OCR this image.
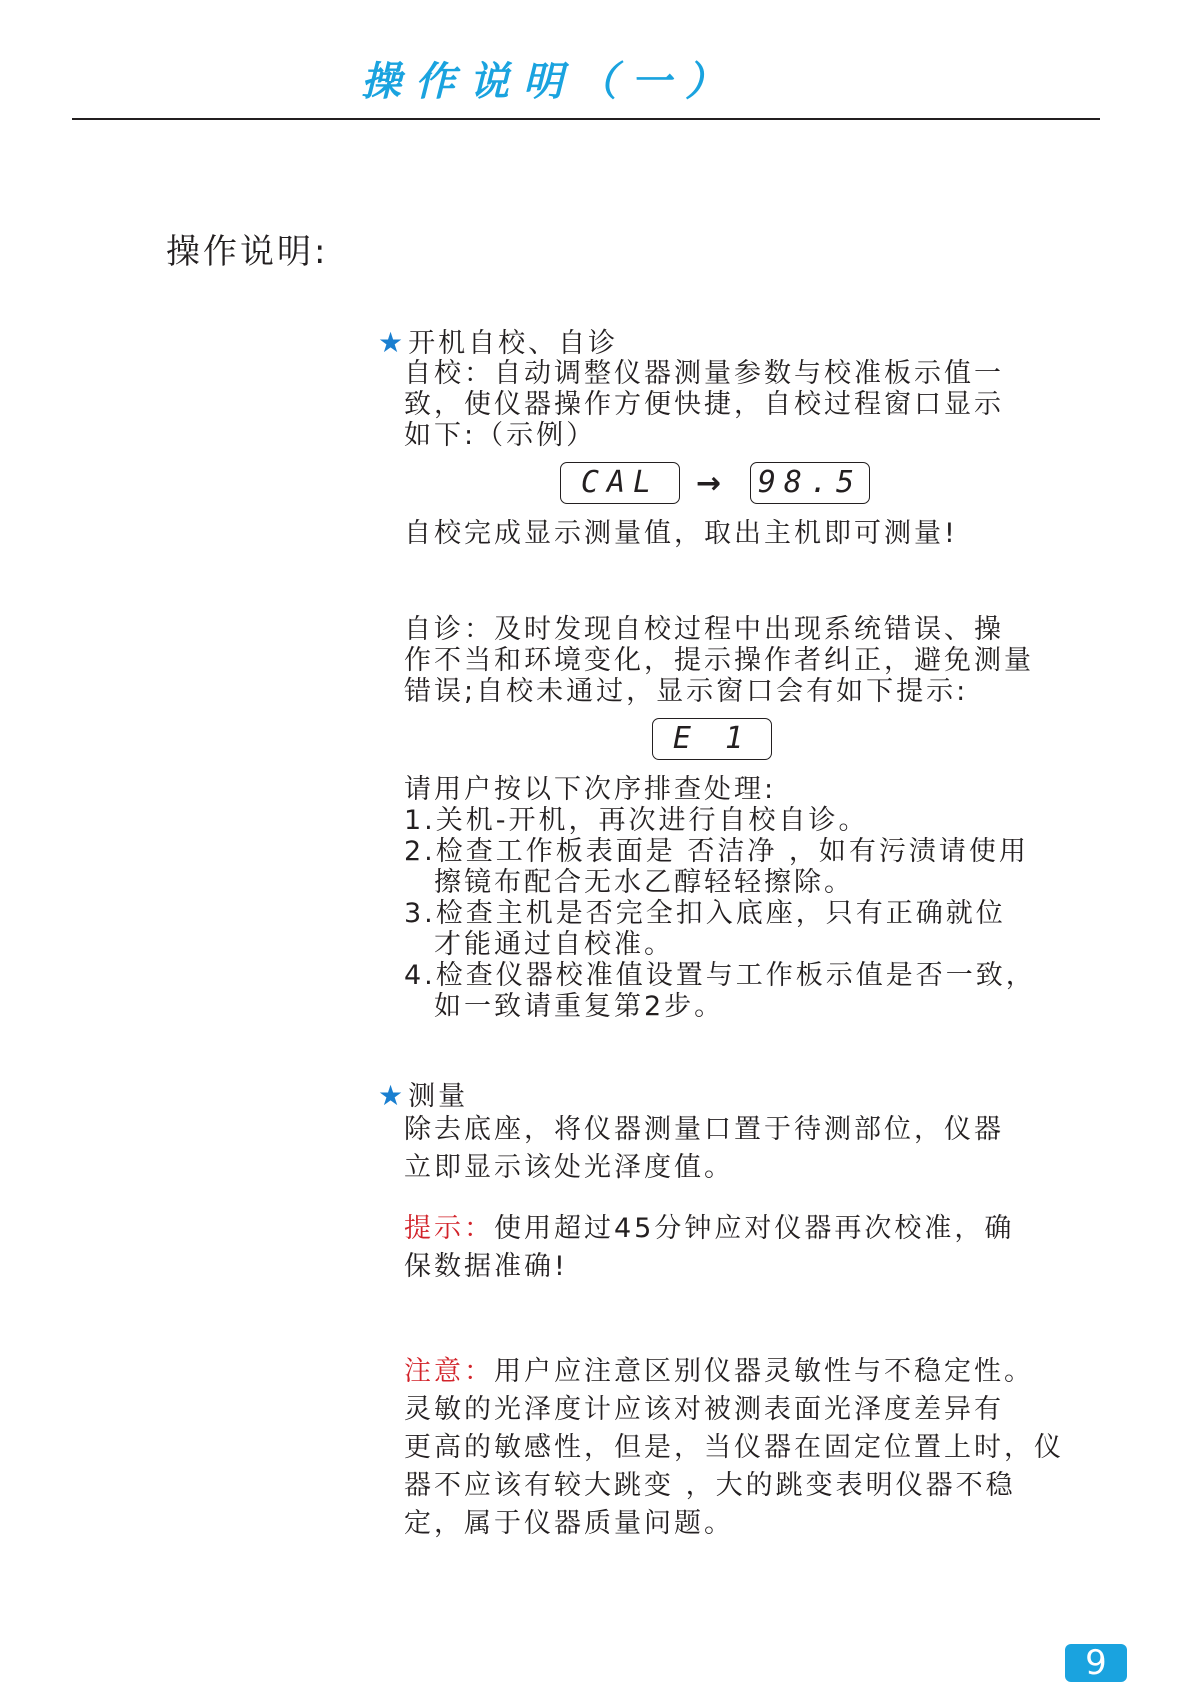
操作说明（一）
操作说明:
★开机自校、自诊
自校：自动调整仪器测量参数与校准板示值一
致，使仪器操作方便快捷，自校过程窗口显示
如下:（示例）
CAL	→ 98.5
自校完成显示测量值，取出主机即可测量!
自诊：及时发现自校过程中出现系统错误、操
作不当和环境变化，提示操作者纠正，避免测量
错误;自校未通过，显示窗口会有如下提示:
E 1
请用户按以下次序排查处理:
1.关机-开机，再次进行自校自诊。
2.检查工作板表面是 否洁净 ，如有污渍请使用
擦镜布配合无水乙醇轻轻擦除。
3.检查主机是否完全扣入底座，只有正确就位
才能通过自校准。
4.检查仪器校准值设置与工作板示值是否一致，
如一致请重复第2步。
★测量
除去底座，将仪器测量口置于待测部位，仪器
立即显示该处光泽度值。
提示：使用超过45分钟应对仪器再次校准，确
保数据准确!
注意：用户应注意区别仪器灵敏性与不稳定性。
灵敏的光泽度计应该对被测表面光泽度差异有
更高的敏感性，但是，当仪器在固定位置上时，仪
器不应该有较大跳变 ，大的跳变表明仪器不稳
定，属于仪器质量问题。
9
